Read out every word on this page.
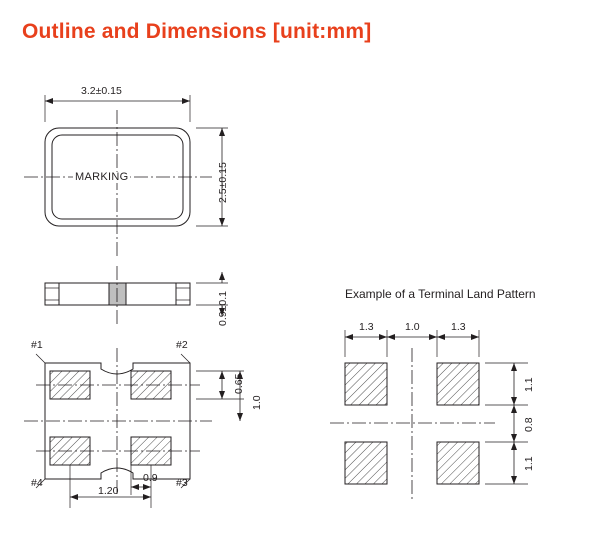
Outline and Dimensions [unit:mm]
3.2±0.15
2.5±0.15
MARKING
0.9±0.1
#1	#2
#3
#4
0.65
1.0
1.20
0.9
Example of a Terminal Land Pattern
1.3	1.0	1.3
1.1
0.8
1.1
